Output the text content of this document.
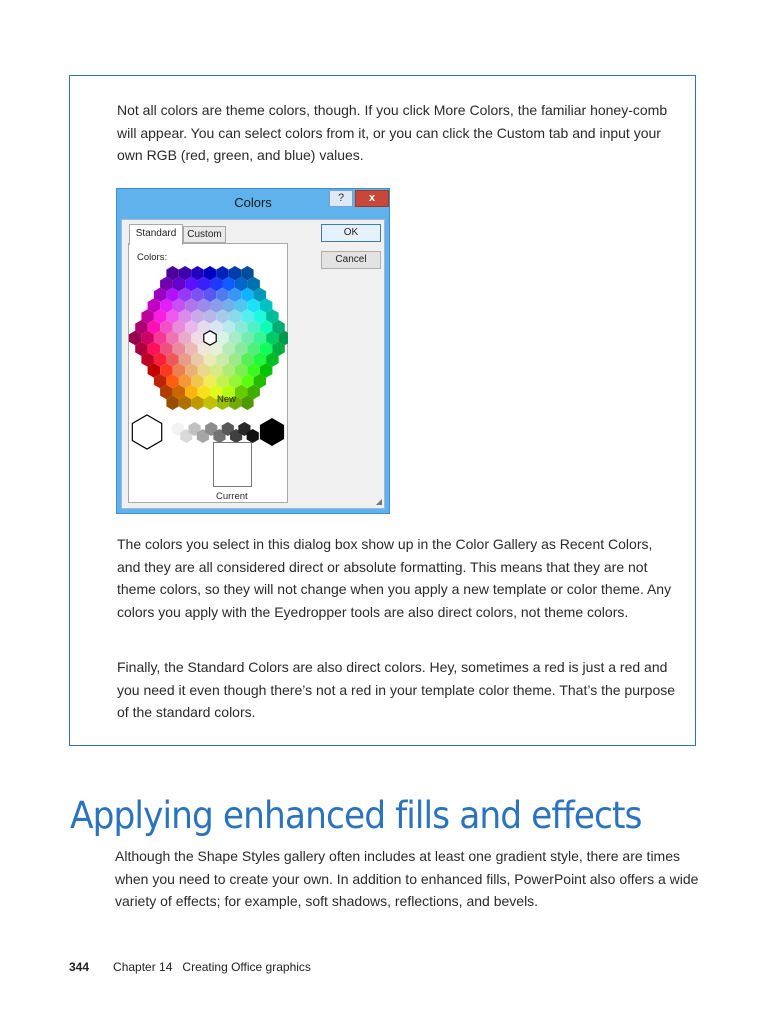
Not all colors are theme colors, though. If you click More Colors, the familiar honey-comb will appear. You can select colors from it, or you can click the Custom tab and input your own RGB (red, green, and blue) values.

Colors	?	x
Standard	Custom
Colors:
OK
Cancel
◢
New
Current

The colors you select in this dialog box show up in the Color Gallery as Recent Colors, and they are all considered direct or absolute formatting. This means that they are not theme colors, so they will not change when you apply a new template or color theme. Any colors you apply with the Eyedropper tools are also direct colors, not theme colors.

Finally, the Standard Colors are also direct colors. Hey, sometimes a red is just a red and you need it even though there’s not a red in your template color theme. That’s the purpose of the standard colors.

Applying enhanced fills and effects

Although the Shape Styles gallery often includes at least one gradient style, there are times when you need to create your own. In addition to enhanced fills, PowerPoint also offers a wide variety of effects; for example, soft shadows, reflections, and bevels.

344 Chapter 14 Creating Office graphics
